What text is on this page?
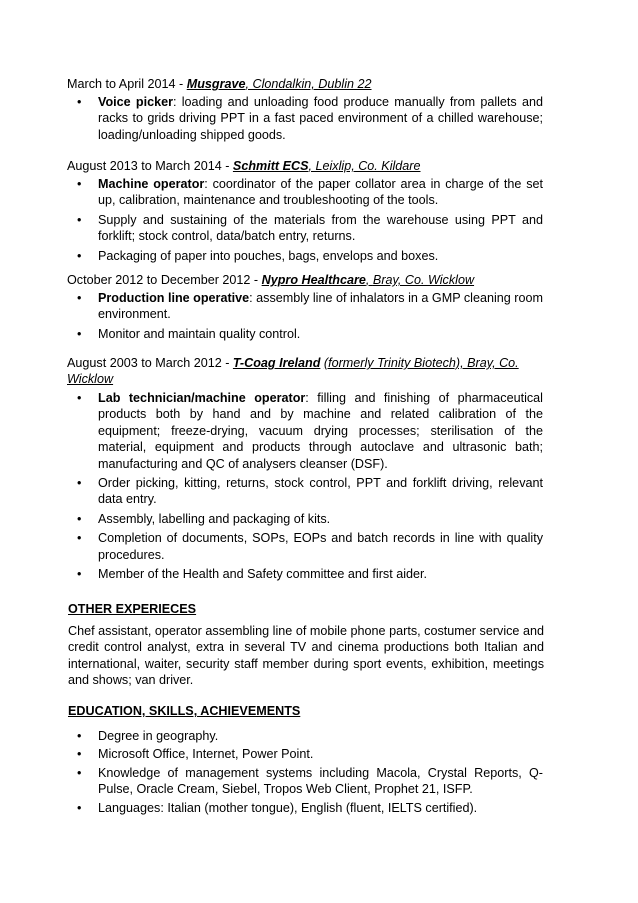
March to April 2014 - Musgrave, Clondalkin, Dublin 22
• Voice picker: loading and unloading food produce manually from pallets and racks to grids driving PPT in a fast paced environment of a chilled warehouse; loading/unloading shipped goods.
August 2013 to March 2014 - Schmitt ECS, Leixlip, Co. Kildare
• Machine operator: coordinator of the paper collator area in charge of the set up, calibration, maintenance and troubleshooting of the tools.
• Supply and sustaining of the materials from the warehouse using PPT and forklift; stock control, data/batch entry, returns.
• Packaging of paper into pouches, bags, envelops and boxes.
October 2012 to December 2012 - Nypro Healthcare, Bray, Co. Wicklow
• Production line operative: assembly line of inhalators in a GMP cleaning room environment.
• Monitor and maintain quality control.
August 2003 to March 2012 - T-Coag Ireland (formerly Trinity Biotech), Bray, Co. Wicklow
• Lab technician/machine operator: filling and finishing of pharmaceutical products both by hand and by machine and related calibration of the equipment; freeze-drying, vacuum drying processes; sterilisation of the material, equipment and products through autoclave and ultrasonic bath; manufacturing and QC of analysers cleanser (DSF).
• Order picking, kitting, returns, stock control, PPT and forklift driving, relevant data entry.
• Assembly, labelling and packaging of kits.
• Completion of documents, SOPs, EOPs and batch records in line with quality procedures.
• Member of the Health and Safety committee and first aider.
OTHER EXPERIECES
Chef assistant, operator assembling line of mobile phone parts, costumer service and credit control analyst, extra in several TV and cinema productions both Italian and international, waiter, security staff member during sport events, exhibition, meetings and shows; van driver.
EDUCATION, SKILLS, ACHIEVEMENTS
• Degree in geography.
• Microsoft Office, Internet, Power Point.
• Knowledge of management systems including Macola, Crystal Reports, Q-Pulse, Oracle Cream, Siebel, Tropos Web Client, Prophet 21, ISFP.
• Languages: Italian (mother tongue), English (fluent, IELTS certified).
